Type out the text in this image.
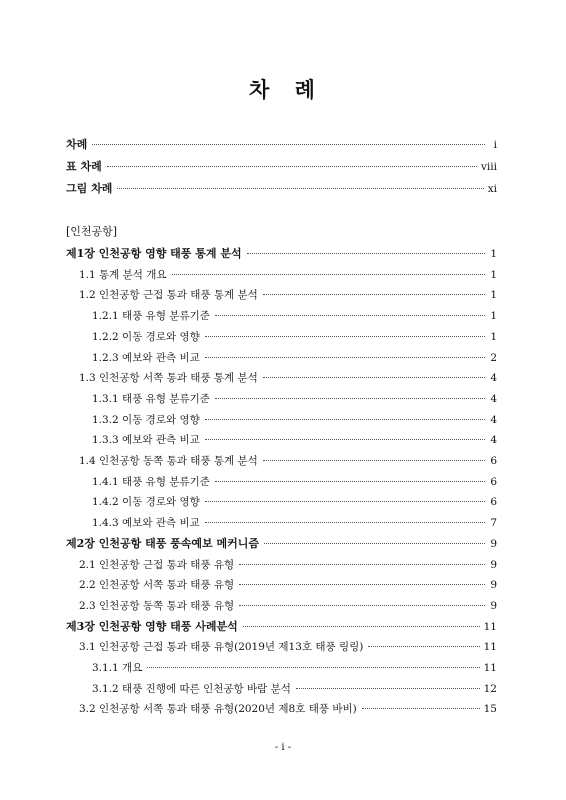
차 례
차례	ⅰ
표 차례	ⅷ
그림 차례	ⅹⅰ
[인천공항]
제1장 인천공항 영향 태풍 통계 분석	1
1.1 통계 분석 개요	1
1.2 인천공항 근접 통과 태풍 통계 분석	1
1.2.1 태풍 유형 분류기준	1
1.2.2 이동 경로와 영향	1
1.2.3 예보와 관측 비교	2
1.3 인천공항 서쪽 통과 태풍 통계 분석	4
1.3.1 태풍 유형 분류기준	4
1.3.2 이동 경로와 영향	4
1.3.3 예보와 관측 비교	4
1.4 인천공항 동쪽 통과 태풍 통계 분석	6
1.4.1 태풍 유형 분류기준	6
1.4.2 이동 경로와 영향	6
1.4.3 예보와 관측 비교	7
제2장 인천공항 태풍 풍속예보 메커니즘	9
2.1 인천공항 근접 통과 태풍 유형	9
2.2 인천공항 서쪽 통과 태풍 유형	9
2.3 인천공항 동쪽 통과 태풍 유형	9
제3장 인천공항 영향 태풍 사례분석	11
3.1 인천공항 근접 통과 태풍 유형(2019년 제13호 태풍 링링)	11
3.1.1 개요	11
3.1.2 태풍 진행에 따른 인천공항 바람 분석	12
3.2 인천공항 서쪽 통과 태풍 유형(2020년 제8호 태풍 바비)	15
- ⅰ -
